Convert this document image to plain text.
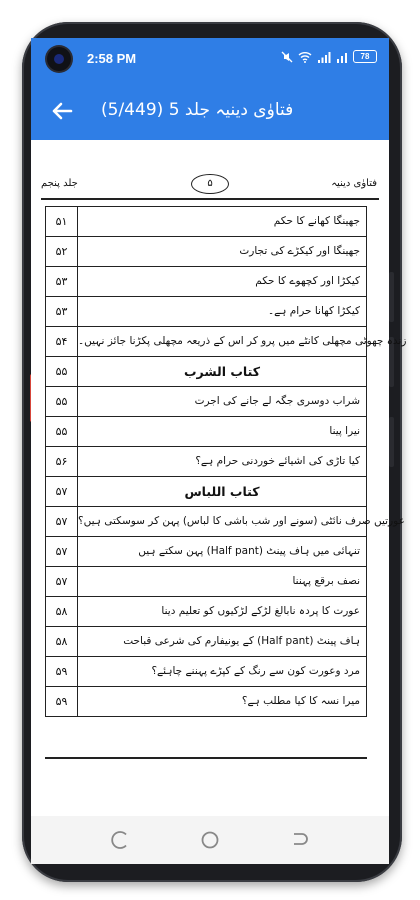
2:58 PM	78
فتاوٰی دینیہ جلد 5 (5/449)
فتاوٰی دینیہ
۵
جلد پنجم
۵۱	جھینگا کھانے کا حکم
۵۲	جھینگا اور کیکڑے کی تجارت
۵۳	کیکڑا اور کچھوے کا حکم
۵۳	کیکڑا کھانا حرام ہے۔
۵۴	زندہ چھوٹی مچھلی کانٹے میں پرو کر اس کے ذریعہ مچھلی پکڑنا جائز نہیں۔
۵۵	کتاب الشرب
۵۵	شراب دوسری جگہ لے جانے کی اجرت
۵۵	نیرا پینا
۵۶	کیا تاڑی کی اشیائے خوردنی حرام ہے؟
۵۷	کتاب اللباس
۵۷	عورتیں صرف نائٹی (سونے اور شب باشی کا لباس) پہن کر سوسکتی ہیں؟
۵۷	تنہائی میں ہاف پینٹ (Half pant) پہن سکتے ہیں
۵۷	نصف برقع پہننا
۵۸	عورت کا پردہ نابالغ لڑکے لڑکیوں کو تعلیم دینا
۵۸	ہاف پینٹ (Half pant) کے یونیفارم کی شرعی قباحت
۵۹	مرد وعورت کون سے رنگ کے کپڑے پہننے چاہئے؟
۵۹	میرا نسہ کا کیا مطلب ہے؟
